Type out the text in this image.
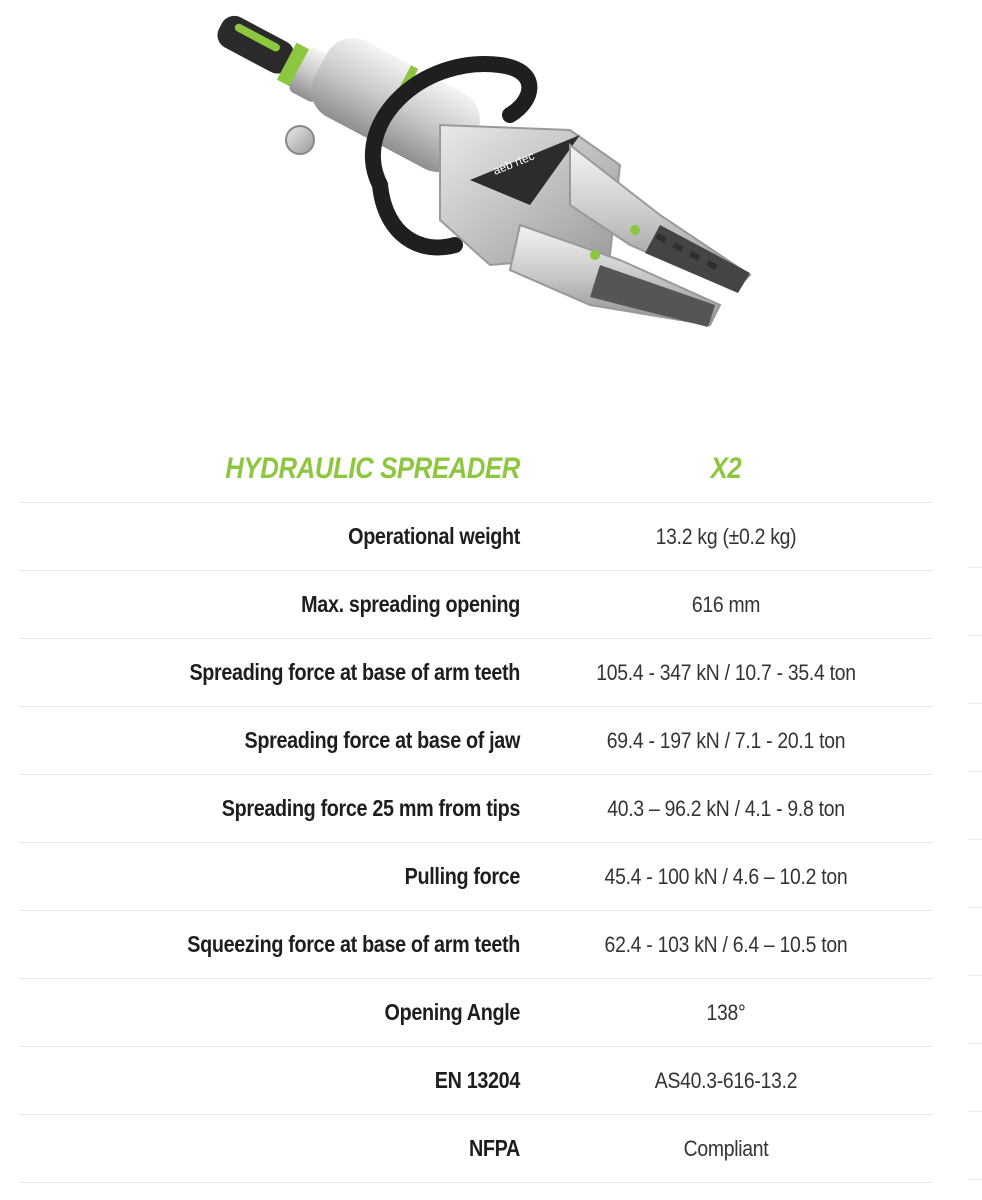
aeb rtec
HYDRAULIC SPREADER	X2
Operational weight	13.2 kg (±0.2 kg)
Max. spreading opening	616 mm
Spreading force at base of arm teeth	105.4 - 347 kN / 10.7 - 35.4 ton
Spreading force at base of jaw	69.4 - 197 kN / 7.1 - 20.1 ton
Spreading force 25 mm from tips	40.3 – 96.2 kN / 4.1 - 9.8 ton
Pulling force	45.4 - 100 kN / 4.6 – 10.2 ton
Squeezing force at base of arm teeth	62.4 - 103 kN / 6.4 – 10.5 ton
Opening Angle	138°
EN 13204	AS40.3-616-13.2
NFPA	Compliant
